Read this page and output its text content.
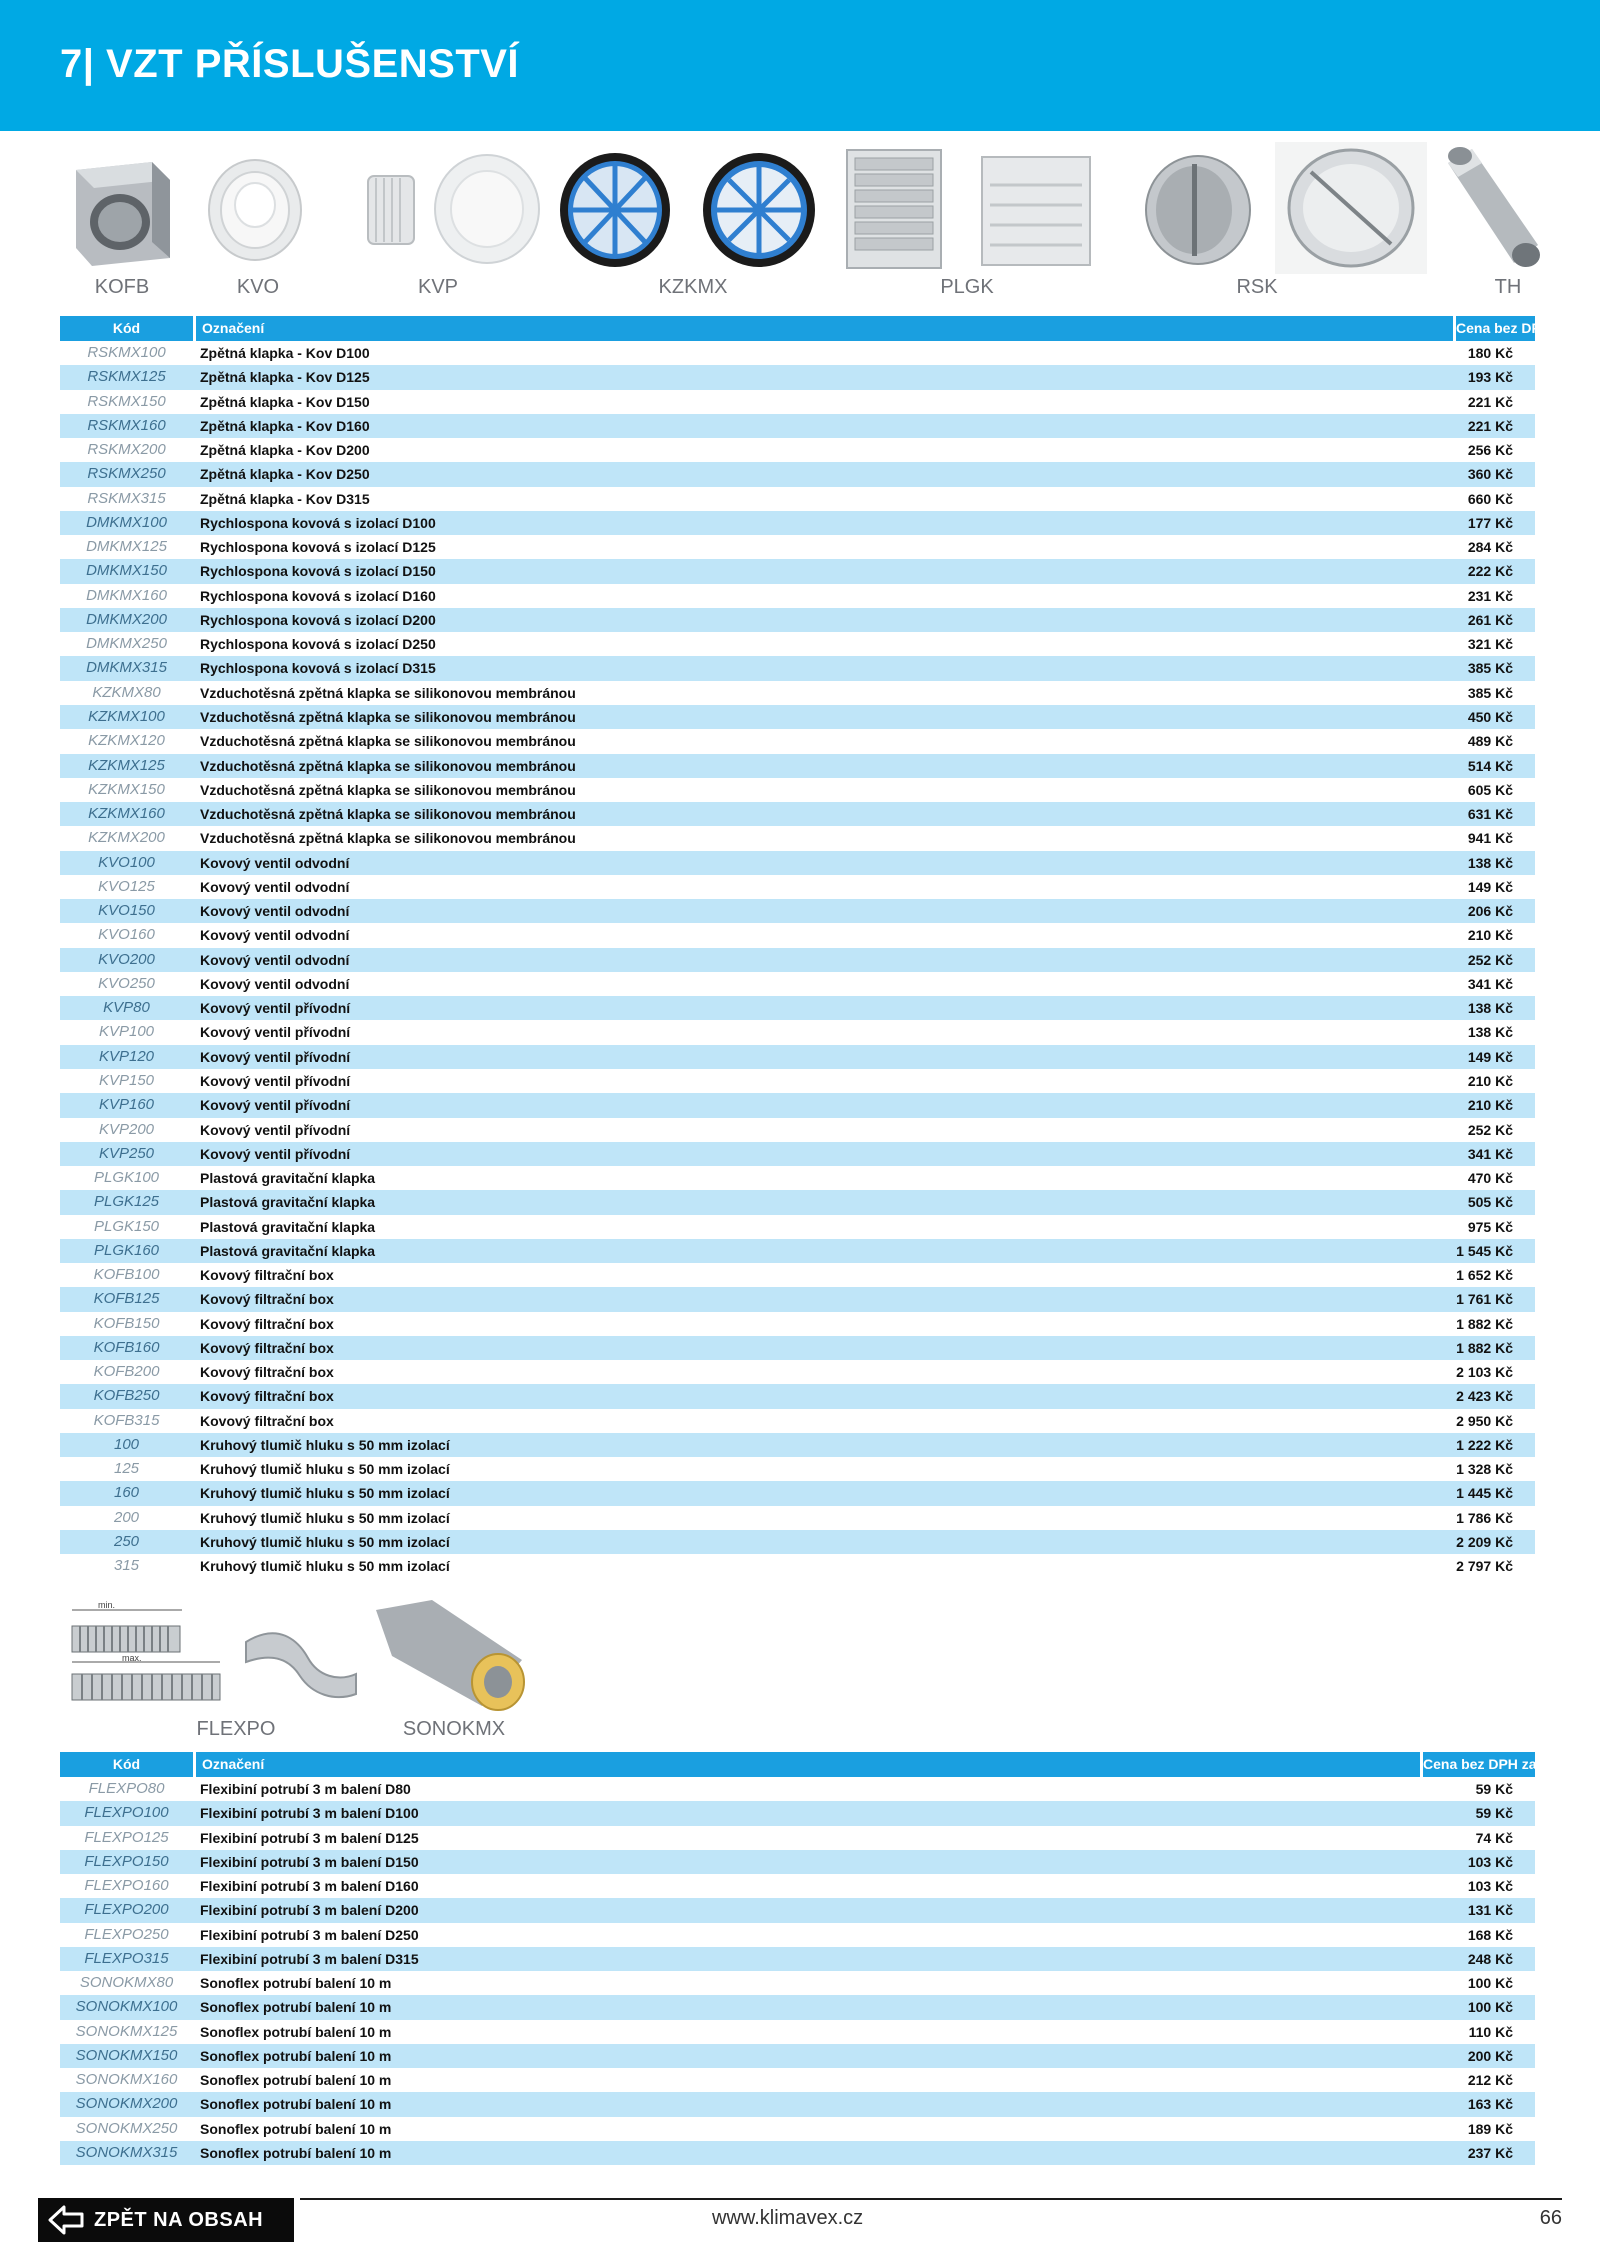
7| VZT PŘÍSLUŠENSTVÍ
KOFB	KVO	KVP	KZKMX	PLGK	RSK	TH
Kód	Označení	Cena bez DPH
RSKMX100	Zpětná klapka - Kov D100	180 Kč
RSKMX125	Zpětná klapka - Kov D125	193 Kč
RSKMX150	Zpětná klapka - Kov D150	221 Kč
RSKMX160	Zpětná klapka - Kov D160	221 Kč
RSKMX200	Zpětná klapka - Kov D200	256 Kč
RSKMX250	Zpětná klapka - Kov D250	360 Kč
RSKMX315	Zpětná klapka - Kov D315	660 Kč
DMKMX100	Rychlospona kovová s izolací D100	177 Kč
DMKMX125	Rychlospona kovová s izolací D125	284 Kč
DMKMX150	Rychlospona kovová s izolací D150	222 Kč
DMKMX160	Rychlospona kovová s izolací D160	231 Kč
DMKMX200	Rychlospona kovová s izolací D200	261 Kč
DMKMX250	Rychlospona kovová s izolací D250	321 Kč
DMKMX315	Rychlospona kovová s izolací D315	385 Kč
KZKMX80	Vzduchotěsná zpětná klapka se silikonovou membránou	385 Kč
KZKMX100	Vzduchotěsná zpětná klapka se silikonovou membránou	450 Kč
KZKMX120	Vzduchotěsná zpětná klapka se silikonovou membránou	489 Kč
KZKMX125	Vzduchotěsná zpětná klapka se silikonovou membránou	514 Kč
KZKMX150	Vzduchotěsná zpětná klapka se silikonovou membránou	605 Kč
KZKMX160	Vzduchotěsná zpětná klapka se silikonovou membránou	631 Kč
KZKMX200	Vzduchotěsná zpětná klapka se silikonovou membránou	941 Kč
KVO100	Kovový ventil odvodní	138 Kč
KVO125	Kovový ventil odvodní	149 Kč
KVO150	Kovový ventil odvodní	206 Kč
KVO160	Kovový ventil odvodní	210 Kč
KVO200	Kovový ventil odvodní	252 Kč
KVO250	Kovový ventil odvodní	341 Kč
KVP80	Kovový ventil přívodní	138 Kč
KVP100	Kovový ventil přívodní	138 Kč
KVP120	Kovový ventil přívodní	149 Kč
KVP150	Kovový ventil přívodní	210 Kč
KVP160	Kovový ventil přívodní	210 Kč
KVP200	Kovový ventil přívodní	252 Kč
KVP250	Kovový ventil přívodní	341 Kč
PLGK100	Plastová gravitační klapka	470 Kč
PLGK125	Plastová gravitační klapka	505 Kč
PLGK150	Plastová gravitační klapka	975 Kč
PLGK160	Plastová gravitační klapka	1 545 Kč
KOFB100	Kovový filtrační box	1 652 Kč
KOFB125	Kovový filtrační box	1 761 Kč
KOFB150	Kovový filtrační box	1 882 Kč
KOFB160	Kovový filtrační box	1 882 Kč
KOFB200	Kovový filtrační box	2 103 Kč
KOFB250	Kovový filtrační box	2 423 Kč
KOFB315	Kovový filtrační box	2 950 Kč
100	Kruhový tlumič hluku s 50 mm izolací	1 222 Kč
125	Kruhový tlumič hluku s 50 mm izolací	1 328 Kč
160	Kruhový tlumič hluku s 50 mm izolací	1 445 Kč
200	Kruhový tlumič hluku s 50 mm izolací	1 786 Kč
250	Kruhový tlumič hluku s 50 mm izolací	2 209 Kč
315	Kruhový tlumič hluku s 50 mm izolací	2 797 Kč
min.
max.
FLEXPO	SONOKMX
Kód	Označení	Cena bez DPH za 1 m
FLEXPO80	Flexibiní potrubí 3 m balení D80	59 Kč
FLEXPO100	Flexibiní potrubí 3 m balení D100	59 Kč
FLEXPO125	Flexibiní potrubí 3 m balení D125	74 Kč
FLEXPO150	Flexibiní potrubí 3 m balení D150	103 Kč
FLEXPO160	Flexibiní potrubí 3 m balení D160	103 Kč
FLEXPO200	Flexibiní potrubí 3 m balení D200	131 Kč
FLEXPO250	Flexibiní potrubí 3 m balení D250	168 Kč
FLEXPO315	Flexibiní potrubí 3 m balení D315	248 Kč
SONOKMX80	Sonoflex potrubí balení 10 m	100 Kč
SONOKMX100	Sonoflex potrubí balení 10 m	100 Kč
SONOKMX125	Sonoflex potrubí balení 10 m	110 Kč
SONOKMX150	Sonoflex potrubí balení 10 m	200 Kč
SONOKMX160	Sonoflex potrubí balení 10 m	212 Kč
SONOKMX200	Sonoflex potrubí balení 10 m	163 Kč
SONOKMX250	Sonoflex potrubí balení 10 m	189 Kč
SONOKMX315	Sonoflex potrubí balení 10 m	237 Kč
ZPĚT NA OBSAH	www.klimavex.cz	66
